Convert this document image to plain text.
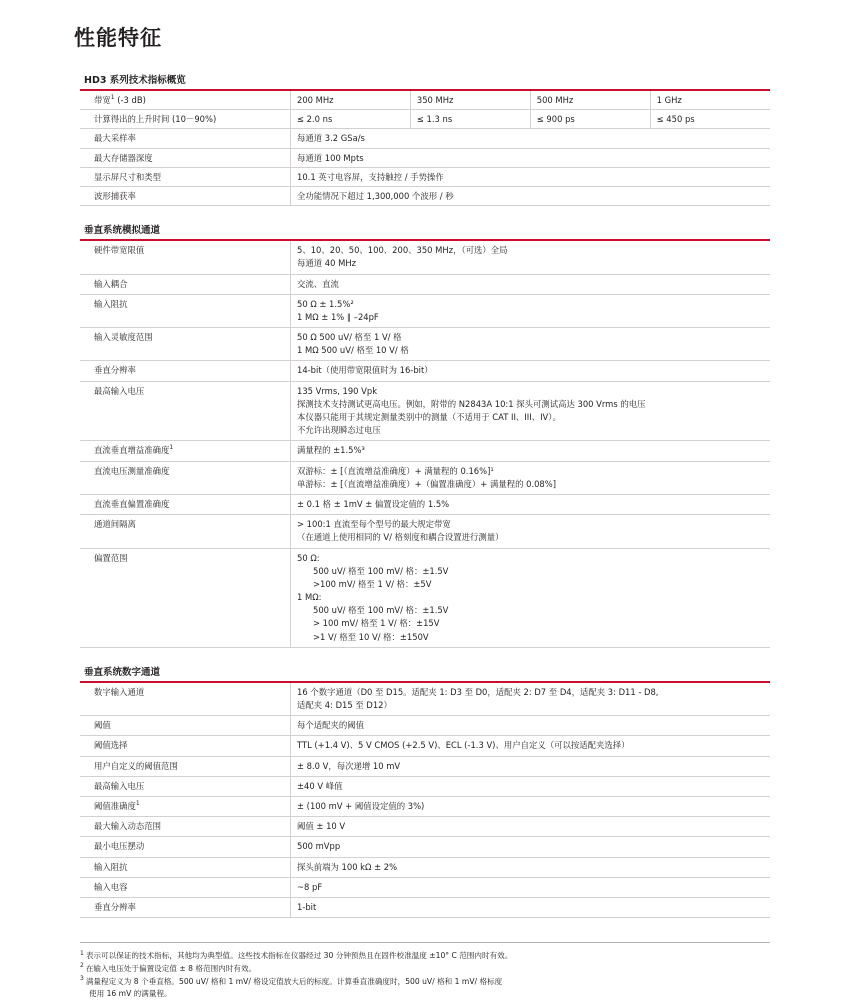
性能特征
HD3 系列技术指标概览
带宽$^1$ (-3 dB)	200 MHz	350 MHz	500 MHz	1 GHz
计算得出的上升时间 (10－90%)	≤ 2.0 ns	≤ 1.3 ns	≤ 900 ps	≤ 450 ps
最大采样率	每通道 3.2 GSa/s			
最大存储器深度	每通道 100 Mpts			
显示屏尺寸和类型	10.1 英寸电容屏，支持触控 / 手势操作			
波形捕获率	全功能情况下超过 1,300,000 个波形 / 秒			
垂直系统模拟通道
硬件带宽限值	5、10、20、50、100、200、350 MHz，（可选）全局
每通道 40 MHz

输入耦合	交流、直流

输入阻抗	50 Ω ± 1.5%²
1 MΩ ± 1% ∥ –24pF

输入灵敏度范围	50 Ω 500 uV/ 格至 1 V/ 格
1 MΩ 500 uV/ 格至 10 V/ 格

垂直分辨率	14-bit（使用带宽限值时为 16-bit）

最高输入电压	135 Vrms, 190 Vpk
探测技术支持测试更高电压。例如，附带的 N2843A 10:1 探头可测试高达 300 Vrms 的电压
本仪器只能用于其规定测量类别中的测量（不适用于 CAT II、III、IV）。
不允许出现瞬态过电压

直流垂直增益准确度$^1$	满量程的 ±1.5%³

直流电压测量准确度	双游标：± [（直流增益准确度）+ 满量程的 0.16%]¹
单游标：± [（直流增益准确度）+（偏置准确度）+ 满量程的 0.08%]

直流垂直偏置准确度	± 0.1 格 ± 1mV ± 偏置设定值的 1.5%

通道间隔离	> 100:1 直流至每个型号的最大规定带宽
（在通道上使用相同的 V/ 格刻度和耦合设置进行测量）

偏置范围	50 Ω:
500 uV/ 格至 100 mV/ 格：±1.5V
>100 mV/ 格至 1 V/ 格：±5V
1 MΩ:
500 uV/ 格至 100 mV/ 格：±1.5V
> 100 mV/ 格至 1 V/ 格：±15V
>1 V/ 格至 10 V/ 格：±150V
垂直系统数字通道
数字输入通道	16 个数字通道（D0 至 D15。适配夹 1: D3 至 D0，适配夹 2: D7 至 D4，适配夹 3: D11 - D8,
适配夹 4: D15 至 D12）

阈值	每个适配夹的阈值

阈值选择	TTL (+1.4 V)、5 V CMOS (+2.5 V)、ECL (-1.3 V)、用户自定义（可以按适配夹选择）

用户自定义的阈值范围	± 8.0 V，每次递增 10 mV

最高输入电压	±40 V 峰值

阈值准确度$^1$	± (100 mV + 阈值设定值的 3%)

最大输入动态范围	阈值 ± 10 V

最小电压摆动	500 mVpp

输入阻抗	探头前端为 100 kΩ ± 2%

输入电容	~8 pF

垂直分辨率	1-bit
$^1$ 表示可以保证的技术指标，其他均为典型值。这些技术指标在仪器经过 30 分钟预热且在固件校准温度 ±10° C 范围内时有效。
$^2$ 在输入电压处于偏置设定值 ± 8 格范围内时有效。
$^3$ 满量程定义为 8 个垂直格。500 uV/ 格和 1 mV/ 格设定值放大后的标度。计算垂直准确度时，500 uV/ 格和 1 mV/ 格标度
使用 16 mV 的满量程。
